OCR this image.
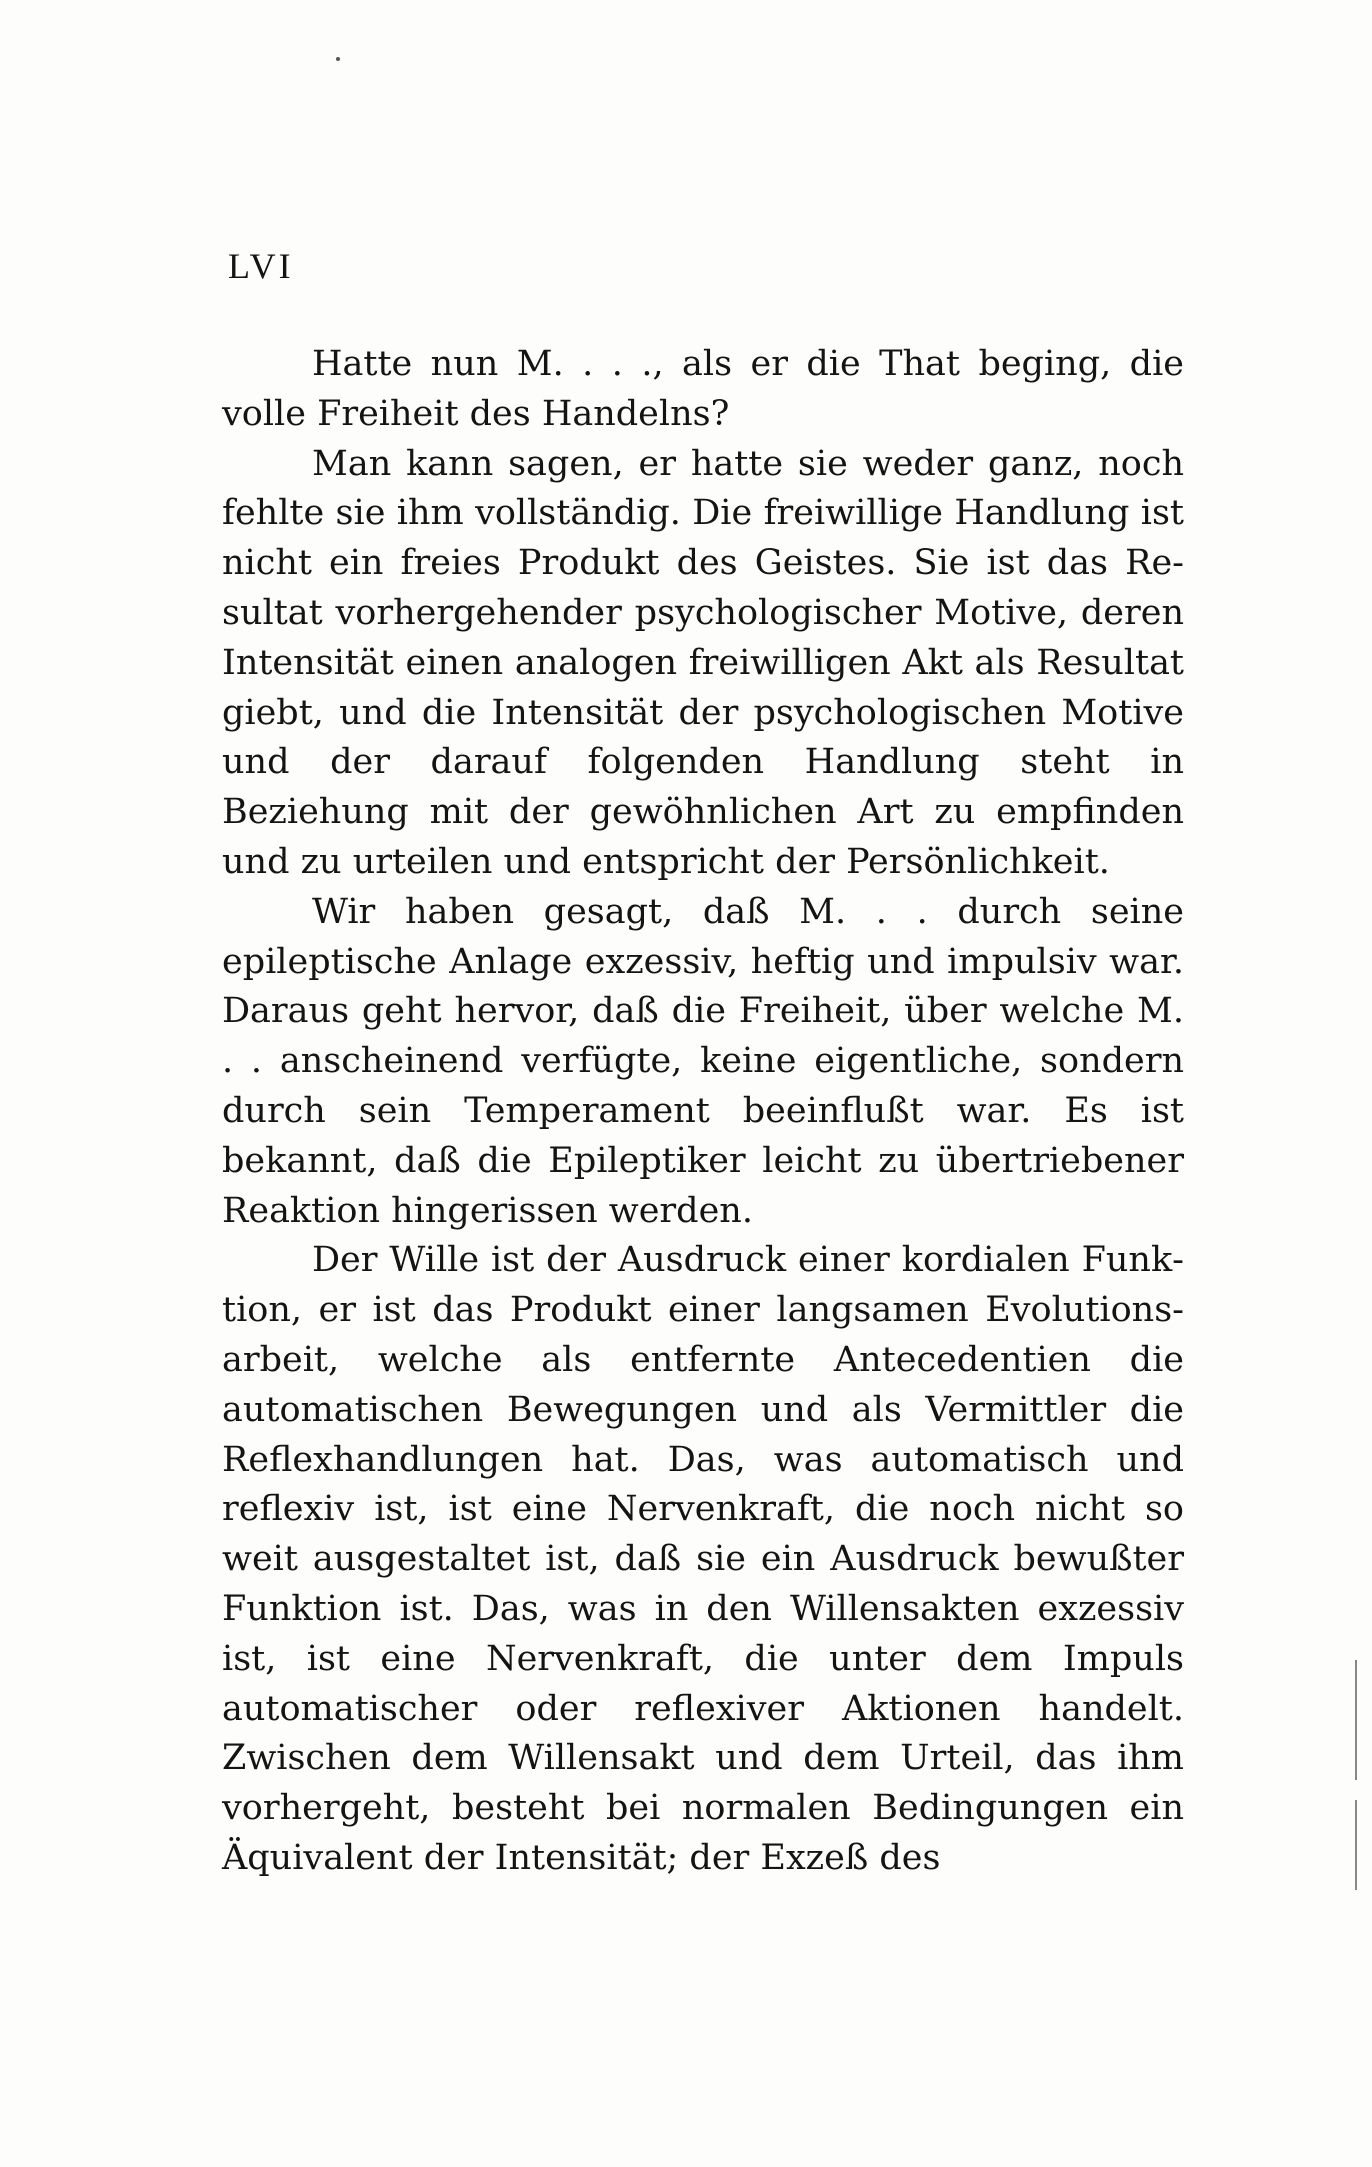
LVI

Hatte nun M. . . ., als er die That beging, die volle Freiheit des Handelns?

Man kann sagen, er hatte sie weder ganz, noch fehlte sie ihm vollständig. Die freiwillige Handlung ist nicht ein freies Produkt des Geistes. Sie ist das Resultat vorhergehender psychologischer Motive, deren Intensität einen analogen freiwilligen Akt als Resultat giebt, und die Intensität der psychologischen Motive und der darauf folgenden Handlung steht in Beziehung mit der gewöhnlichen Art zu empfinden und zu urteilen und entspricht der Persönlichkeit.

Wir haben gesagt, daß M. . . durch seine epileptische Anlage exzessiv, heftig und impulsiv war. Daraus geht hervor, daß die Freiheit, über welche M. . . anscheinend verfügte, keine eigentliche, sondern durch sein Temperament beeinflußt war. Es ist bekannt, daß die Epileptiker leicht zu übertriebener Reaktion hingerissen werden.

Der Wille ist der Ausdruck einer kordialen Funktion, er ist das Produkt einer langsamen Evolutionsarbeit, welche als entfernte Antecedentien die automatischen Bewegungen und als Vermittler die Reflexhandlungen hat. Das, was automatisch und reflexiv ist, ist eine Nervenkraft, die noch nicht so weit ausgestaltet ist, daß sie ein Ausdruck bewußter Funktion ist. Das, was in den Willensakten exzessiv ist, ist eine Nervenkraft, die unter dem Impuls automatischer oder reflexiver Aktionen handelt. Zwischen dem Willensakt und dem Urteil, das ihm vorhergeht, besteht bei normalen Bedingungen ein Äquivalent der Intensität; der Exzeß des
